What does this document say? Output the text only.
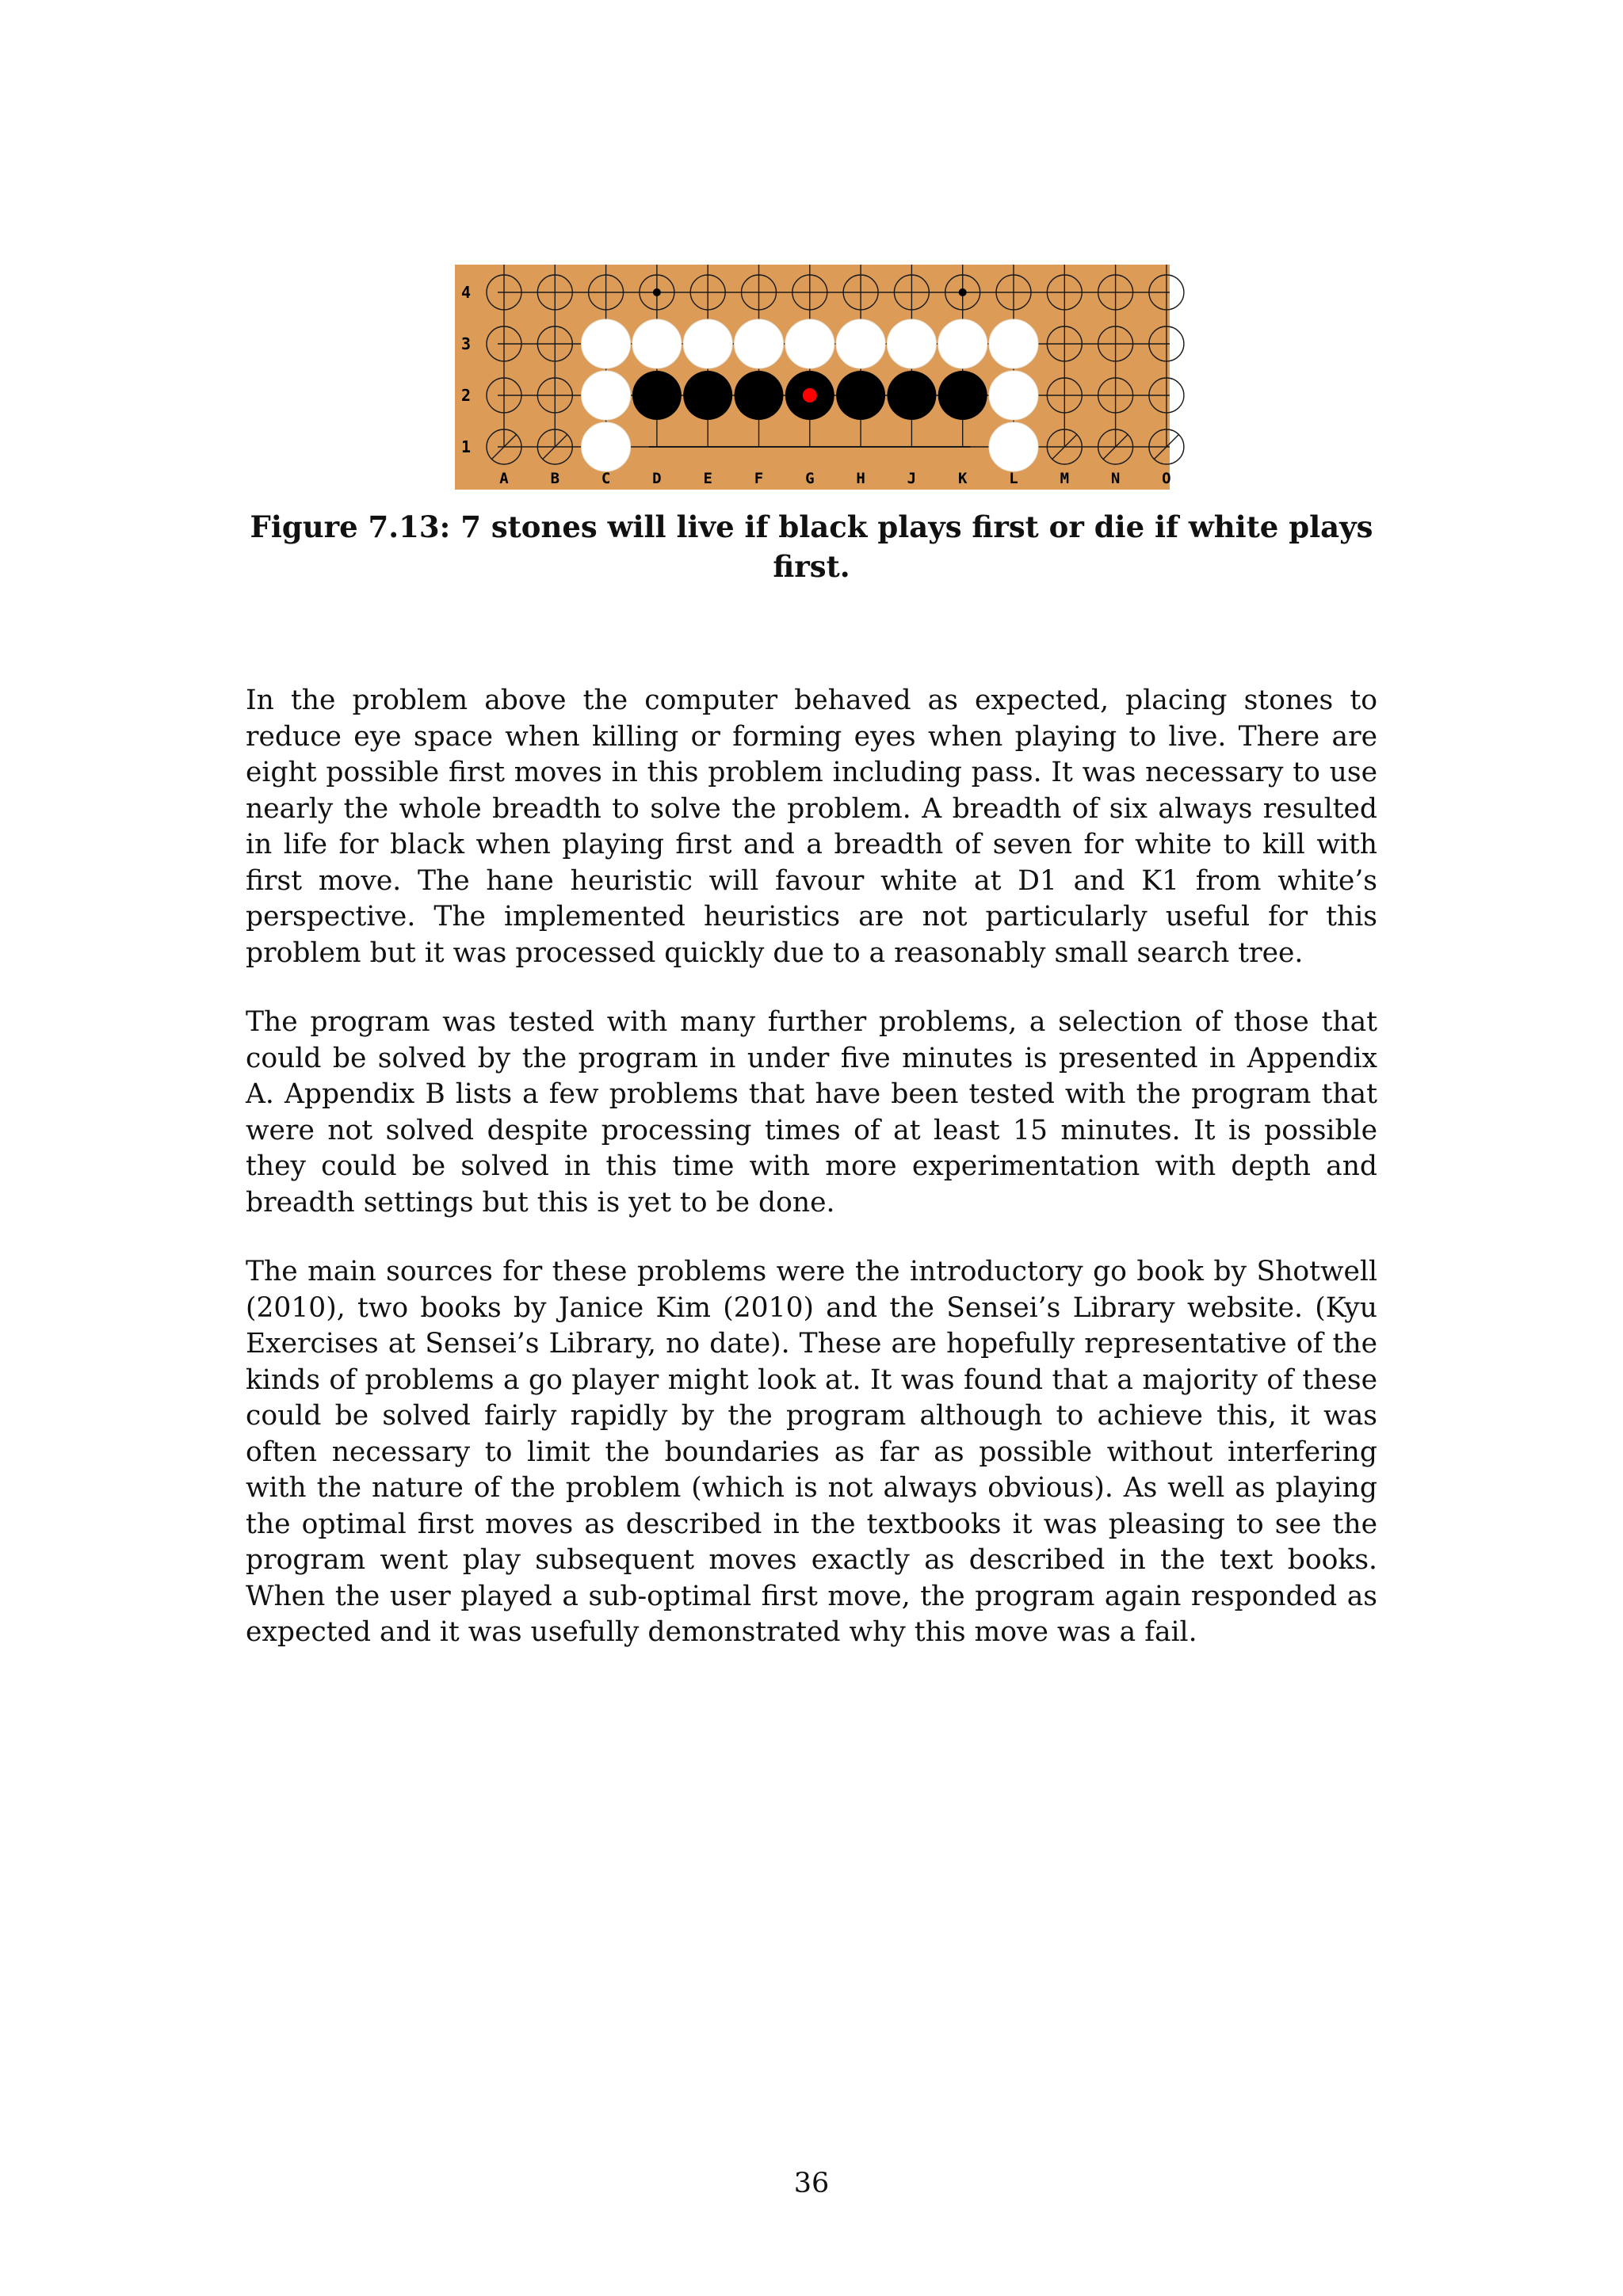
4
3
2
1
A	B	C	D	E	F	G	H	J	K	L	M	N	O
Figure 7.13: 7 stones will live if black plays first or die if white plays first.

In the problem above the computer behaved as expected, placing stones to reduce eye space when killing or forming eyes when playing to live. There are eight possible first moves in this problem including pass. It was necessary to use nearly the whole breadth to solve the problem. A breadth of six always resulted in life for black when playing first and a breadth of seven for white to kill with first move. The hane heuristic will favour white at D1 and K1 from white’s perspective. The implemented heuristics are not particularly useful for this problem but it was processed quickly due to a reasonably small search tree.

The program was tested with many further problems, a selection of those that could be solved by the program in under five minutes is presented in Appendix A. Appendix B lists a few problems that have been tested with the program that were not solved despite processing times of at least 15 minutes. It is possible they could be solved in this time with more experimentation with depth and breadth settings but this is yet to be done.

The main sources for these problems were the introductory go book by Shotwell (2010), two books by Janice Kim (2010) and the Sensei’s Library website. (Kyu Exercises at Sensei’s Library, no date). These are hopefully representative of the kinds of problems a go player might look at. It was found that a majority of these could be solved fairly rapidly by the program although to achieve this, it was often necessary to limit the boundaries as far as possible without interfering with the nature of the problem (which is not always obvious). As well as playing the optimal first moves as described in the textbooks it was pleasing to see the program went play subsequent moves exactly as described in the text books. When the user played a sub-optimal first move, the program again responded as expected and it was usefully demonstrated why this move was a fail.

36
